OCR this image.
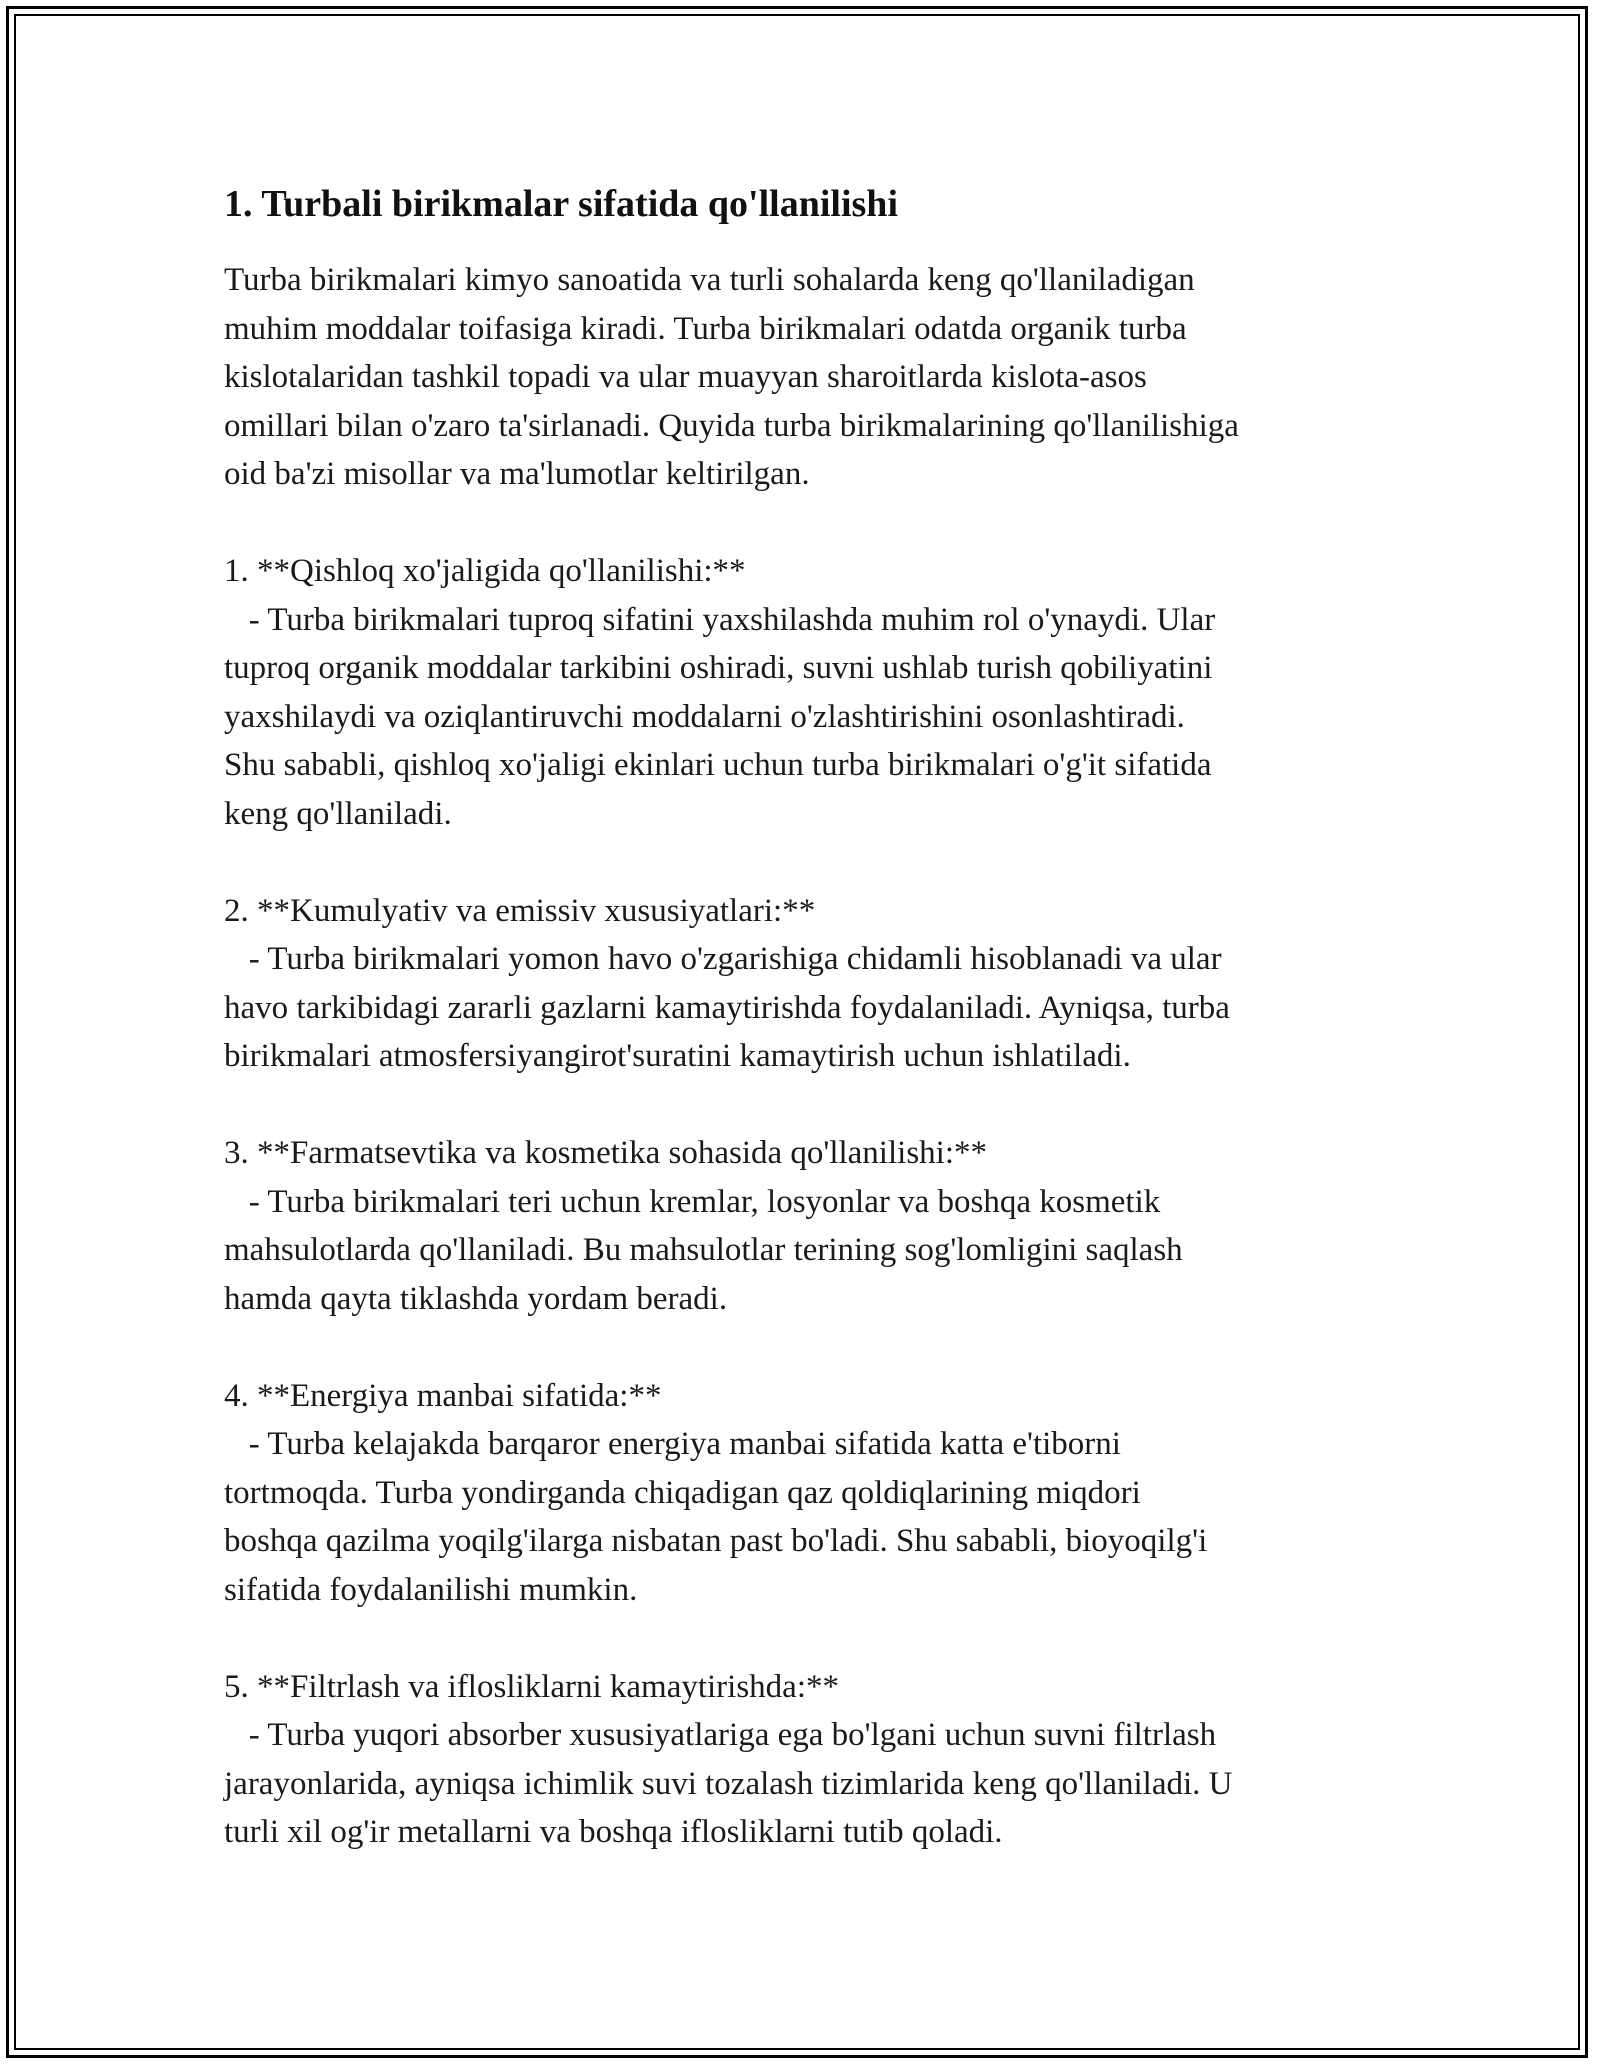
1. Turbali birikmalar sifatida qo'llanilishi

Turba birikmalari kimyo sanoatida va turli sohalarda keng qo'llaniladigan
muhim moddalar toifasiga kiradi. Turba birikmalari odatda organik turba
kislotalaridan tashkil topadi va ular muayyan sharoitlarda kislota-asos
omillari bilan o'zaro ta'sirlanadi. Quyida turba birikmalarining qo'llanilishiga
oid ba'zi misollar va ma'lumotlar keltirilgan.

1. **Qishloq xo'jaligida qo'llanilishi:**

- Turba birikmalari tuproq sifatini yaxshilashda muhim rol o'ynaydi. Ular
tuproq organik moddalar tarkibini oshiradi, suvni ushlab turish qobiliyatini
yaxshilaydi va oziqlantiruvchi moddalarni o'zlashtirishini osonlashtiradi.
Shu sababli, qishloq xo'jaligi ekinlari uchun turba birikmalari o'g'it sifatida
keng qo'llaniladi.

2. **Kumulyativ va emissiv xususiyatlari:**

- Turba birikmalari yomon havo o'zgarishiga chidamli hisoblanadi va ular
havo tarkibidagi zararli gazlarni kamaytirishda foydalaniladi. Ayniqsa, turba
birikmalari atmosfersiyangirot'suratini kamaytirish uchun ishlatiladi.

3. **Farmatsevtika va kosmetika sohasida qo'llanilishi:**

- Turba birikmalari teri uchun kremlar, losyonlar va boshqa kosmetik
mahsulotlarda qo'llaniladi. Bu mahsulotlar terining sog'lomligini saqlash
hamda qayta tiklashda yordam beradi.

4. **Energiya manbai sifatida:**

- Turba kelajakda barqaror energiya manbai sifatida katta e'tiborni
tortmoqda. Turba yondirganda chiqadigan qaz qoldiqlarining miqdori
boshqa qazilma yoqilg'ilarga nisbatan past bo'ladi. Shu sababli, bioyoqilg'i
sifatida foydalanilishi mumkin.

5. **Filtrlash va iflosliklarni kamaytirishda:**

- Turba yuqori absorber xususiyatlariga ega bo'lgani uchun suvni filtrlash
jarayonlarida, ayniqsa ichimlik suvi tozalash tizimlarida keng qo'llaniladi. U
turli xil og'ir metallarni va boshqa iflosliklarni tutib qoladi.
